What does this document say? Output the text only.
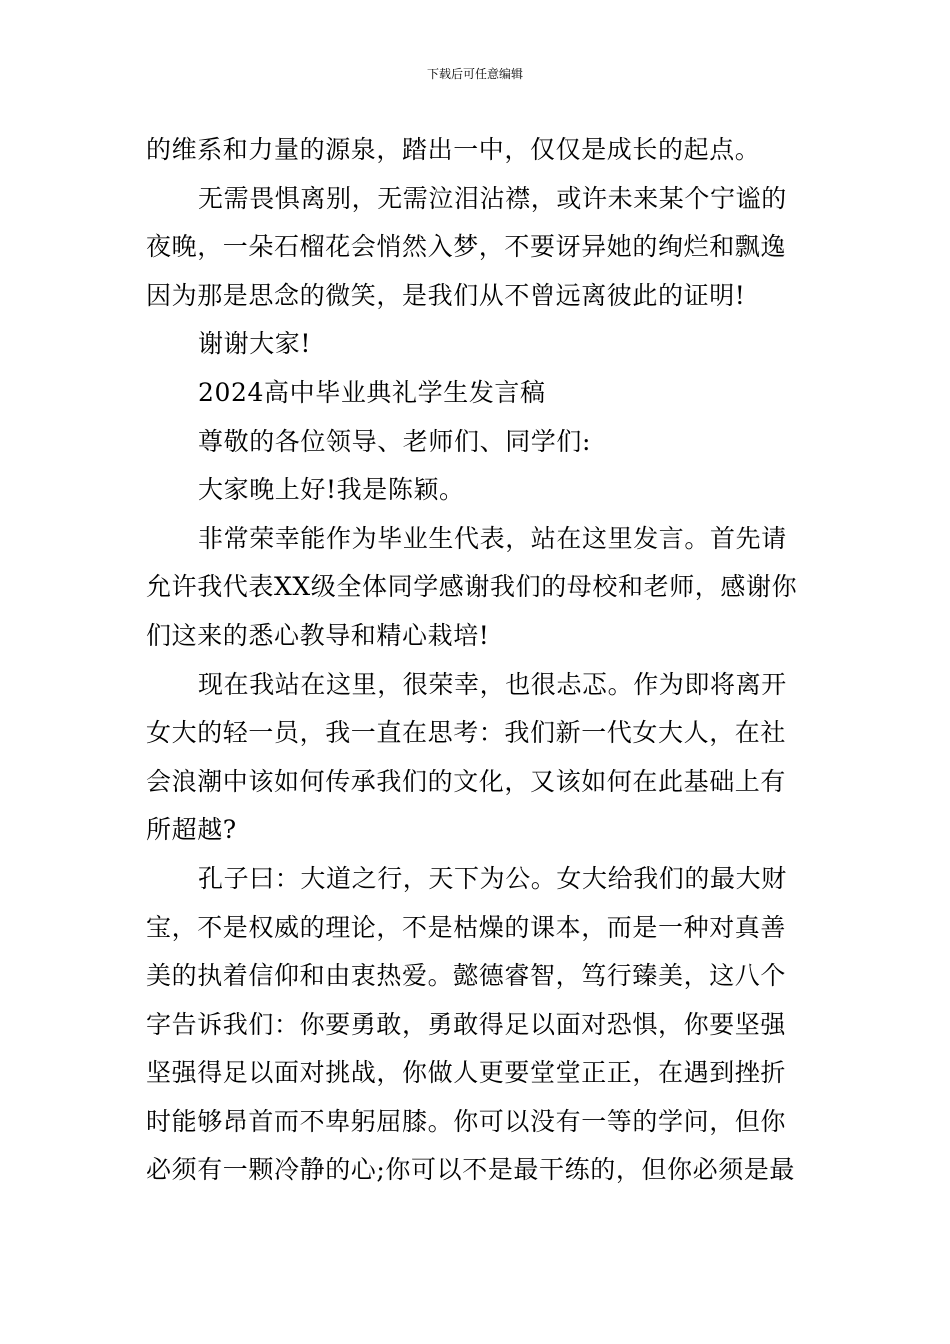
下载后可任意编辑

的维系和力量的源泉，踏出一中，仅仅是成长的起点。

无需畏惧离别，无需泣泪沾襟，或许未来某个宁谧的
夜晚，一朵石榴花会悄然入梦，不要讶异她的绚烂和飘逸
因为那是思念的微笑，是我们从不曾远离彼此的证明!

谢谢大家!

2024高中毕业典礼学生发言稿

尊敬的各位领导、老师们、同学们:

大家晚上好!我是陈颖。

非常荣幸能作为毕业生代表，站在这里发言。首先请
允许我代表XX级全体同学感谢我们的母校和老师，感谢你
们这来的悉心教导和精心栽培!

现在我站在这里，很荣幸，也很忐忑。作为即将离开
女大的轻一员，我一直在思考：我们新一代女大人，在社
会浪潮中该如何传承我们的文化，又该如何在此基础上有
所超越?

孔子曰：大道之行，天下为公。女大给我们的最大财
宝，不是权威的理论，不是枯燥的课本，而是一种对真善
美的执着信仰和由衷热爱。懿德睿智，笃行臻美，这八个
字告诉我们：你要勇敢，勇敢得足以面对恐惧，你要坚强
坚强得足以面对挑战，你做人更要堂堂正正，在遇到挫折
时能够昂首而不卑躬屈膝。你可以没有一等的学问，但你
必须有一颗冷静的心;你可以不是最干练的，但你必须是最
